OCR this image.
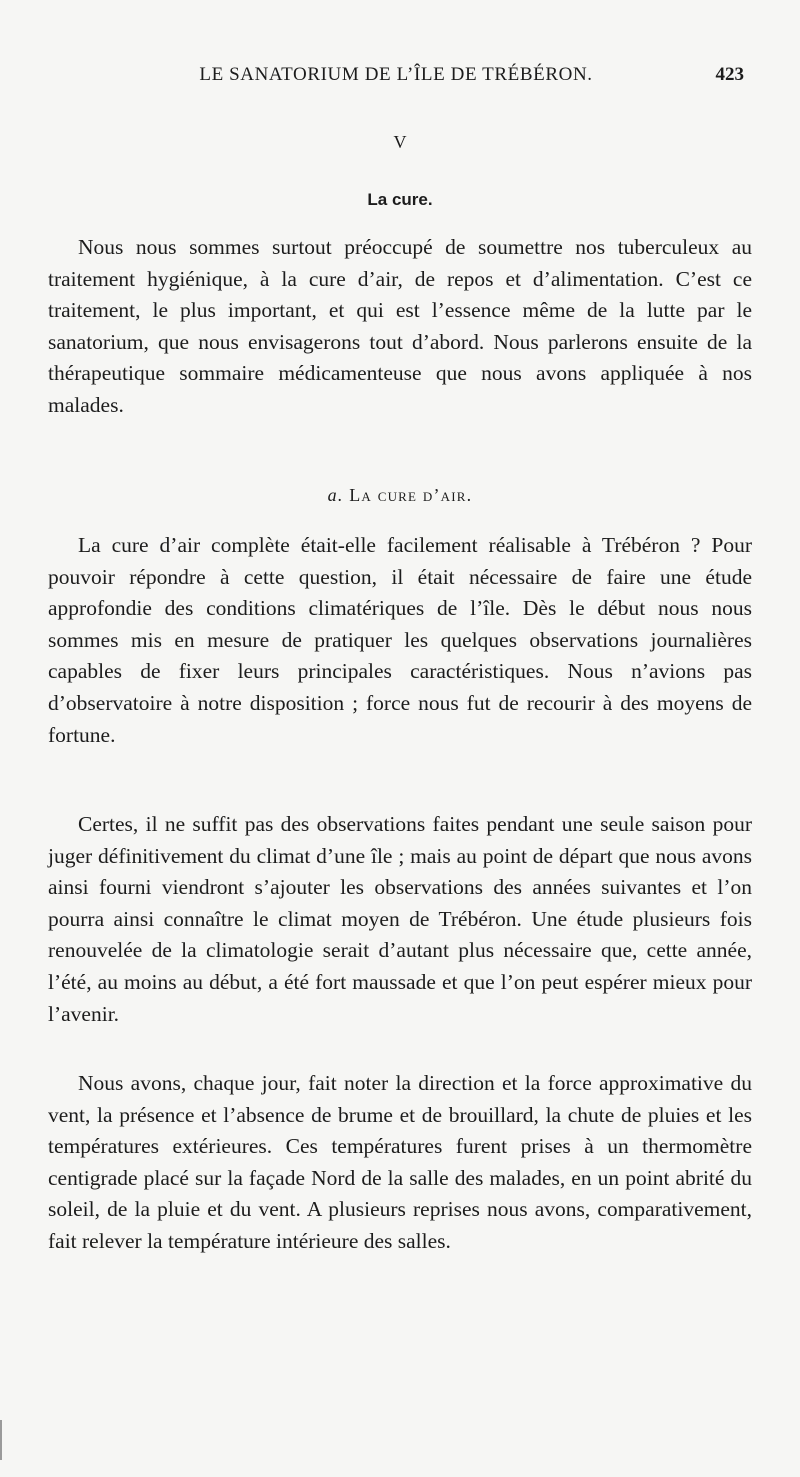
LE SANATORIUM DE L’ÎLE DE TRÉBÉRON.	423
V
La cure.

Nous nous sommes surtout préoccupé de soumettre nos tuberculeux au traitement hygiénique, à la cure d’air, de repos et d’alimentation. C’est ce traitement, le plus important, et qui est l’essence même de la lutte par le sanatorium, que nous envisagerons tout d’abord. Nous parlerons ensuite de la thérapeutique sommaire médicamenteuse que nous avons appliquée à nos malades.

a. La cure d’air.

La cure d’air complète était-elle facilement réalisable à Trébéron ? Pour pouvoir répondre à cette question, il était nécessaire de faire une étude approfondie des conditions climatériques de l’île. Dès le début nous nous sommes mis en mesure de pratiquer les quelques observations journalières capables de fixer leurs principales caractéristiques. Nous n’avions pas d’observatoire à notre disposition ; force nous fut de recourir à des moyens de fortune.

Certes, il ne suffit pas des observations faites pendant une seule saison pour juger définitivement du climat d’une île ; mais au point de départ que nous avons ainsi fourni viendront s’ajouter les observations des années suivantes et l’on pourra ainsi connaître le climat moyen de Trébéron. Une étude plusieurs fois renouvelée de la climatologie serait d’autant plus nécessaire que, cette année, l’été, au moins au début, a été fort maussade et que l’on peut espérer mieux pour l’avenir.

Nous avons, chaque jour, fait noter la direction et la force approximative du vent, la présence et l’absence de brume et de brouillard, la chute de pluies et les températures extérieures. Ces températures furent prises à un thermomètre centigrade placé sur la façade Nord de la salle des malades, en un point abrité du soleil, de la pluie et du vent. A plusieurs reprises nous avons, comparativement, fait relever la température intérieure des salles.
